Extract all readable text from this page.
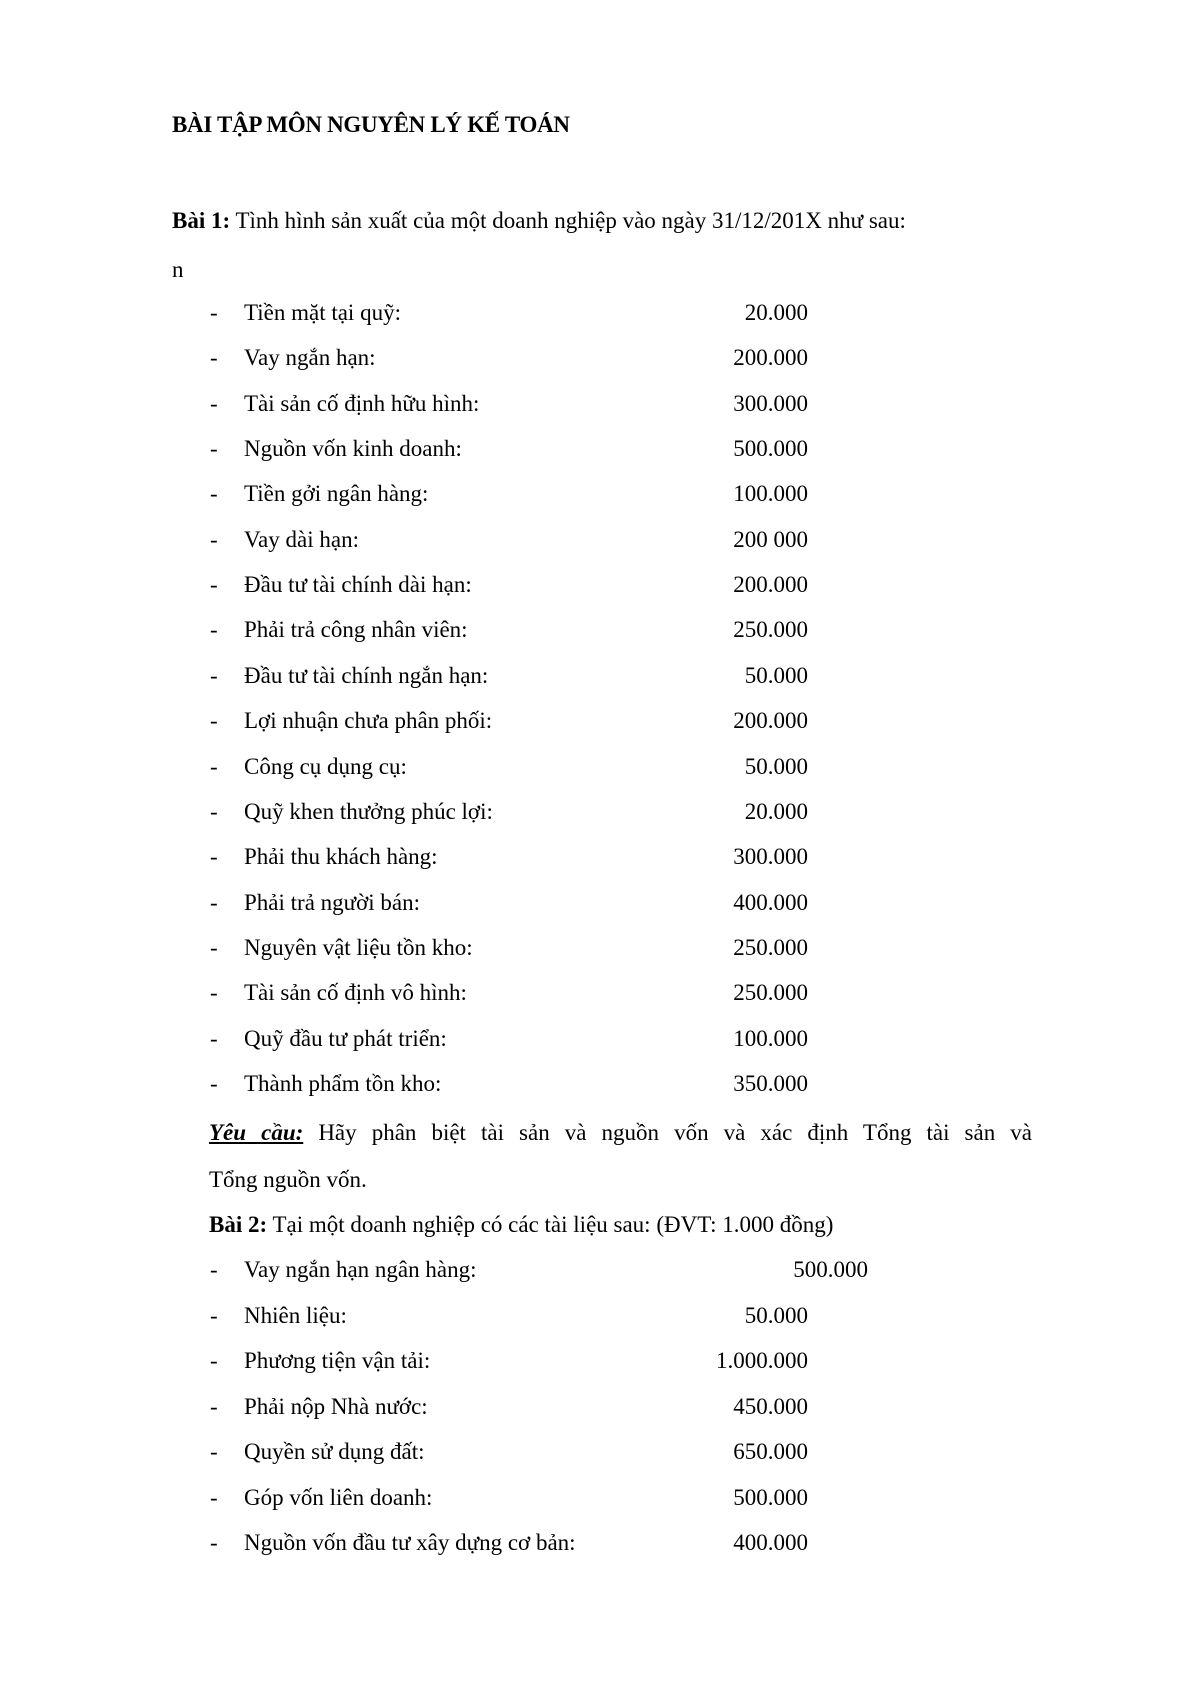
BÀI TẬP MÔN NGUYÊN LÝ KẾ TOÁN
Bài 1: Tình hình sản xuất của một doanh nghiệp vào ngày 31/12/201X như sau:
n
- Tiền mặt tại quỹ:	20.000
- Vay ngắn hạn:	200.000
- Tài sản cố định hữu hình:	300.000
- Nguồn vốn kinh doanh:	500.000
- Tiền gởi ngân hàng:	100.000
- Vay dài hạn:	200 000
- Đầu tư tài chính dài hạn:	200.000
- Phải trả công nhân viên:	250.000
- Đầu tư tài chính ngắn hạn:	50.000
- Lợi nhuận chưa phân phối:	200.000
- Công cụ dụng cụ:	50.000
- Quỹ khen thưởng phúc lợi:	20.000
- Phải thu khách hàng:	300.000
- Phải trả người bán:	400.000
- Nguyên vật liệu tồn kho:	250.000
- Tài sản cố định vô hình:	250.000
- Quỹ đầu tư phát triển:	100.000
- Thành phẩm tồn kho:	350.000
Yêu cầu: Hãy phân biệt tài sản và nguồn vốn và xác định Tổng tài sản và
Tổng nguồn vốn.
Bài 2: Tại một doanh nghiệp có các tài liệu sau: (ĐVT: 1.000 đồng)
- Vay ngắn hạn ngân hàng:	500.000
- Nhiên liệu:	50.000
- Phương tiện vận tải:	1.000.000
- Phải nộp Nhà nước:	450.000
- Quyền sử dụng đất:	650.000
- Góp vốn liên doanh:	500.000
- Nguồn vốn đầu tư xây dựng cơ bản:	400.000
